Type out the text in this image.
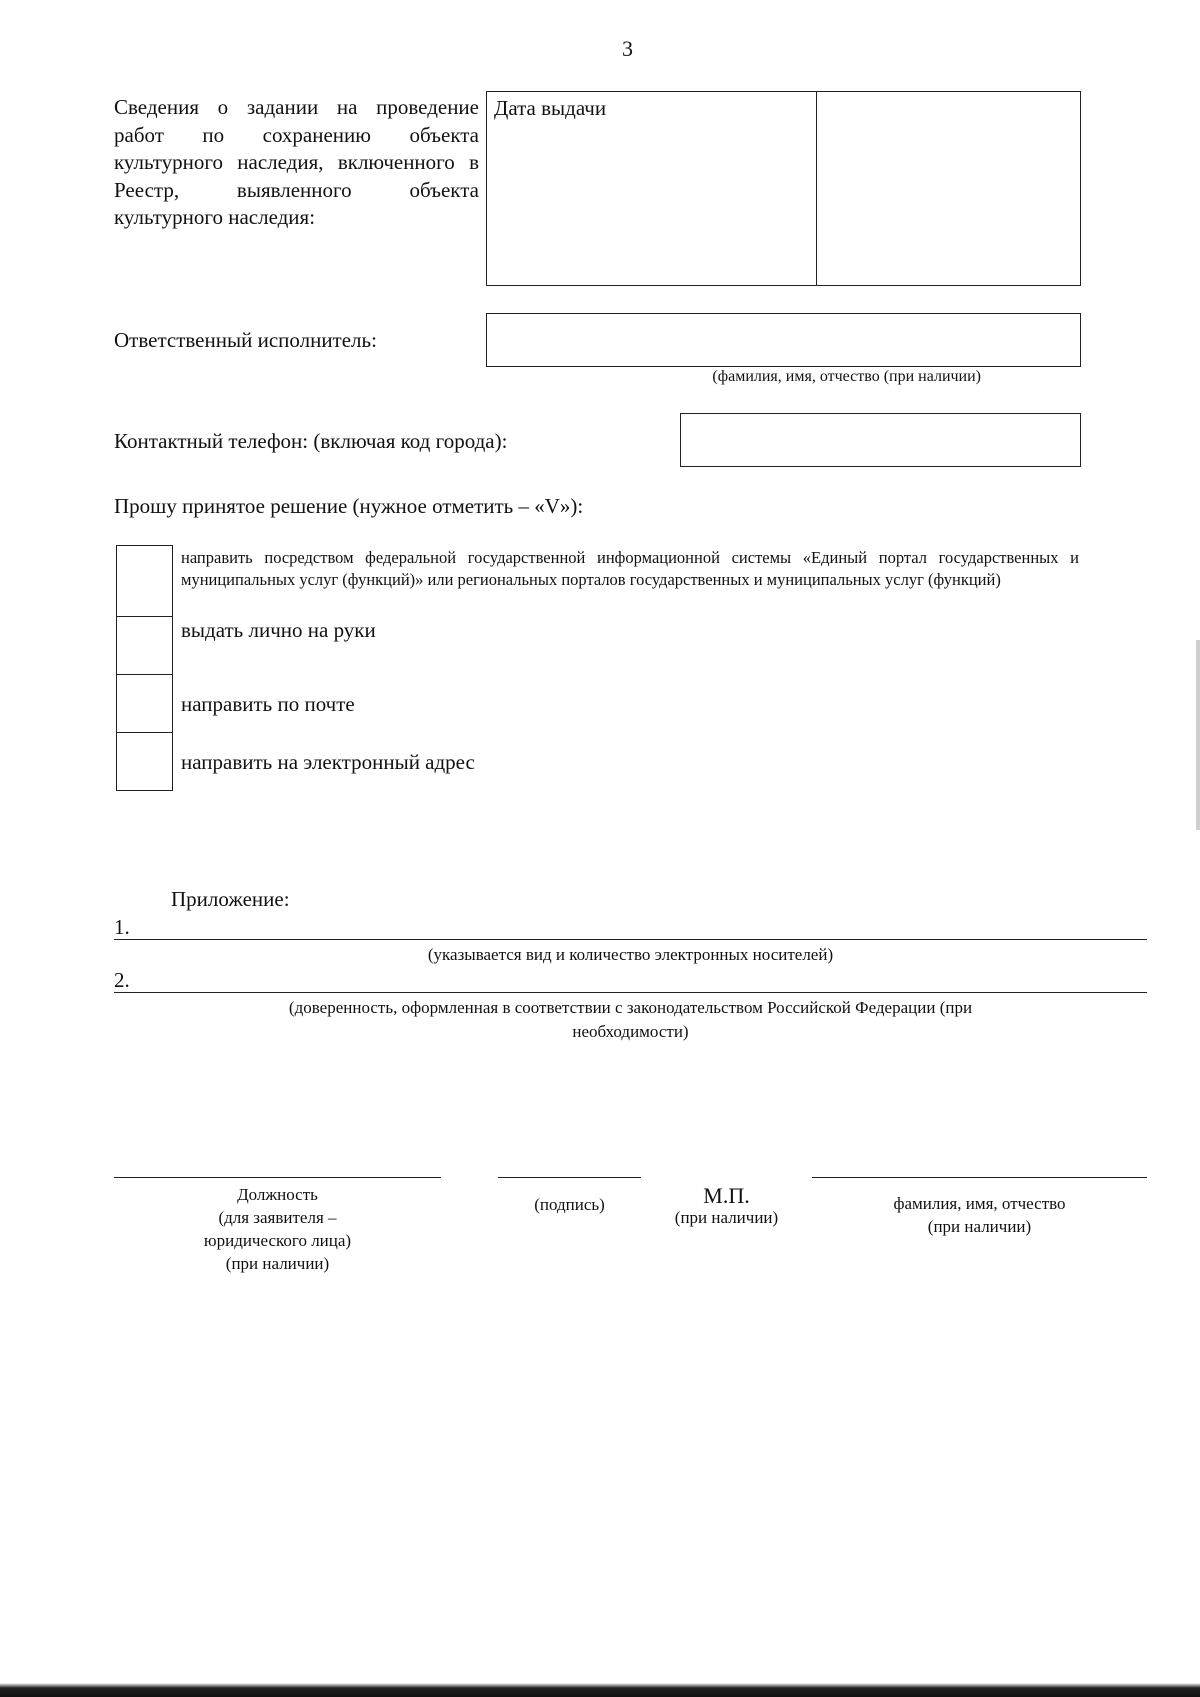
3
Сведения о задании на проведение работ по сохранению объекта культурного наследия, включенного в Реестр, выявленного объекта культурного наследия:
Дата выдачи
Ответственный исполнитель:
(фамилия, имя, отчество (при наличии)
Контактный телефон: (включая код города):
Прошу принятое решение (нужное отметить – «V»):
направить посредством федеральной государственной информационной системы «Единый портал государственных и муниципальных услуг (функций)» или региональных порталов государственных и муниципальных услуг (функций)
выдать лично на руки
направить по почте
направить на электронный адрес
Приложение:
1.
(указывается вид и количество электронных носителей)
2.
(доверенность, оформленная в соответствии с законодательством Российской Федерации (при необходимости)
Должность
(для заявителя –
юридического лица)
(при наличии)
(подпись)	М.П.
(при наличии)
фамилия, имя, отчество
(при наличии)
